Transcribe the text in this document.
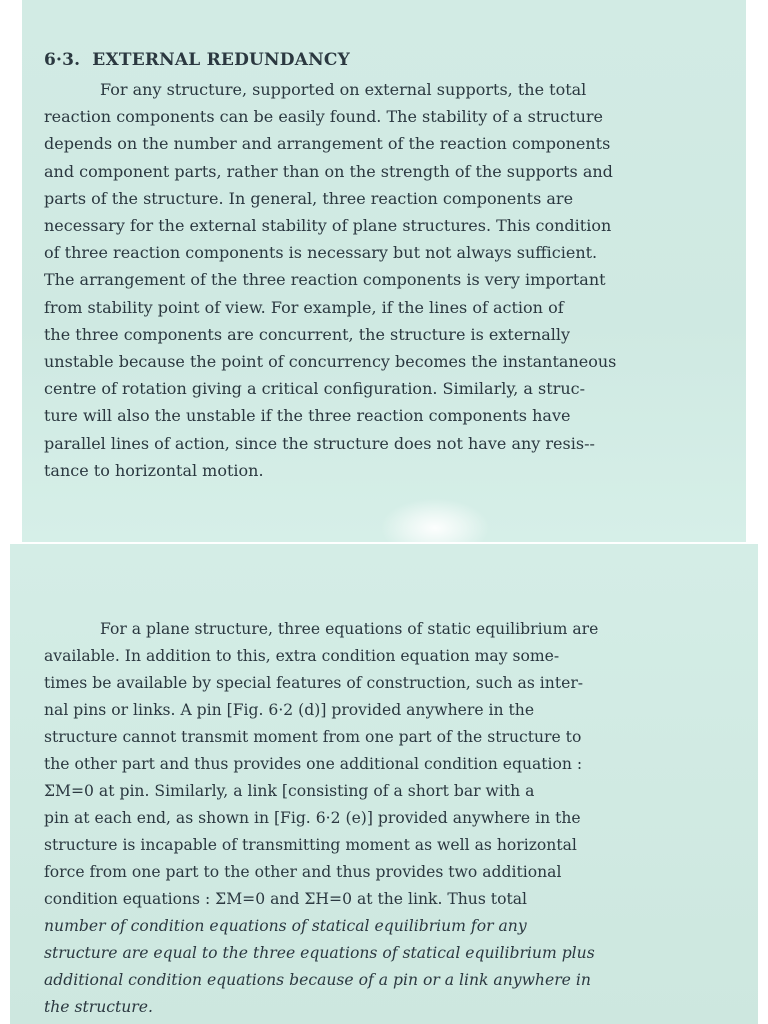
6·3. EXTERNAL REDUNDANCY

For any structure, supported on external supports, the total
reaction components can be easily found. The stability of a structure
depends on the number and arrangement of the reaction components
and component parts, rather than on the strength of the supports and
parts of the structure. In general, three reaction components are
necessary for the external stability of plane structures. This condition
of three reaction components is necessary but not always sufficient.
The arrangement of the three reaction components is very important
from stability point of view. For example, if the lines of action of
the three components are concurrent, the structure is externally
unstable because the point of concurrency becomes the instantaneous
centre of rotation giving a critical configuration. Similarly, a struc-
ture will also the unstable if the three reaction components have
parallel lines of action, since the structure does not have any resis--
tance to horizontal motion.

For a plane structure, three equations of static equilibrium are
available. In addition to this, extra condition equation may some-
times be available by special features of construction, such as inter-
nal pins or links. A pin [Fig. 6·2 (d)] provided anywhere in the
structure cannot transmit moment from one part of the structure to
the other part and thus provides one additional condition equation :
ΣM=0 at pin. Similarly, a link [consisting of a short bar with a
pin at each end, as shown in [Fig. 6·2 (e)] provided anywhere in the
structure is incapable of transmitting moment as well as horizontal
force from one part to the other and thus provides two additional
condition equations : ΣM=0 and ΣH=0 at the link. Thus total
number of condition equations of statical equilibrium for any
structure are equal to the three equations of statical equilibrium plus
additional condition equations because of a pin or a link anywhere in
the structure.
